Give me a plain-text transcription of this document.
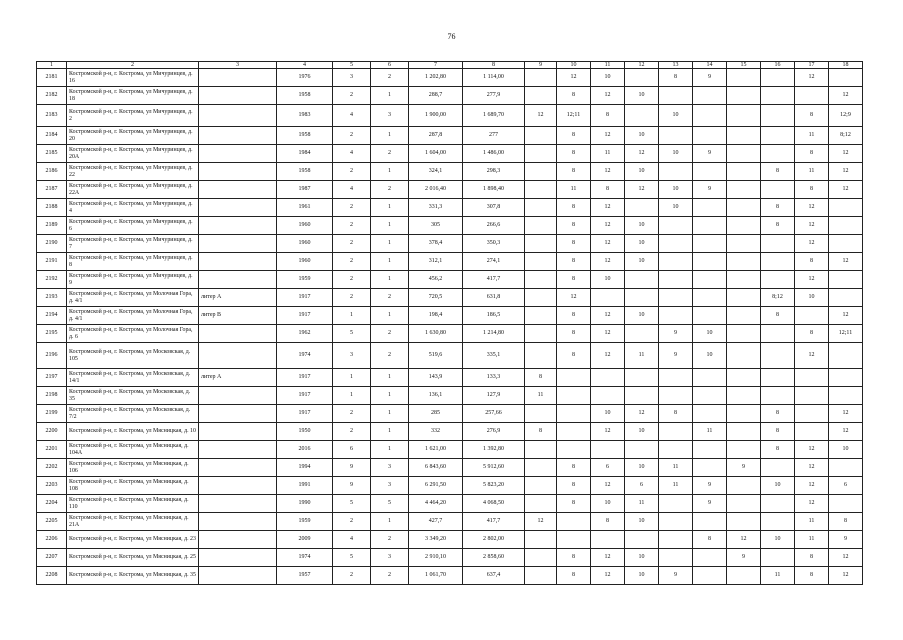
76
1	2	3	4	5	6	7	8	9	10	11	12	13	14	15	16	17	18
2181	Костромской р-н, г. Кострома, ул Мичуринцев, д. 16		1976	3	2	1 202,80	1 114,00		12	10		8	9			12	
2182	Костромской р-н, г. Кострома, ул Мичуринцев, д. 18		1958	2	1	288,7	277,9		8	12	10						12
2183	Костромской р-н, г. Кострома, ул Мичуринцев, д. 2		1983	4	3	1 900,00	1 689,70	12	12;11	8		10				8	12;9
2184	Костромской р-н, г. Кострома, ул Мичуринцев, д. 20		1958	2	1	287,8	277		8	12	10					11	8;12
2185	Костромской р-н, г. Кострома, ул Мичуринцев, д. 20А		1984	4	2	1 604,00	1 486,00		8	11	12	10	9			8	12
2186	Костромской р-н, г. Кострома, ул Мичуринцев, д. 22		1958	2	1	324,1	298,3		8	12	10				8	11	12
2187	Костромской р-н, г. Кострома, ул Мичуринцев, д. 22А		1987	4	2	2 016,40	1 898,40		11	8	12	10	9			8	12
2188	Костромской р-н, г. Кострома, ул Мичуринцев, д. 4		1961	2	1	331,3	307,8		8	12		10			8	12	
2189	Костромской р-н, г. Кострома, ул Мичуринцев, д. 6		1960	2	1	305	266,6		8	12	10				8	12	
2190	Костромской р-н, г. Кострома, ул Мичуринцев, д. 7		1960	2	1	378,4	350,3		8	12	10					12	
2191	Костромской р-н, г. Кострома, ул Мичуринцев, д. 8		1960	2	1	312,1	274,1		8	12	10					8	12
2192	Костромской р-н, г. Кострома, ул Мичуринцев, д. 9		1959	2	1	456,2	417,7		8	10						12	
2193	Костромской р-н, г. Кострома, ул Молочная Гора, д. 4/1	литер А	1917	2	2	720,5	631,8		12						8;12	10	
2194	Костромской р-н, г. Кострома, ул Молочная Гора, д. 4/1	литер В	1917	1	1	198,4	186,5		8	12	10				8		12
2195	Костромской р-н, г. Кострома, ул Молочная Гора, д. 6		1962	5	2	1 630,80	1 214,80		8	12		9	10			8	12;11
2196	Костромской р-н, г. Кострома, ул Московская, д. 105		1974	3	2	519,6	335,1		8	12	11	9	10			12	
2197	Костромской р-н, г. Кострома, ул Московская, д. 14/1	литер А	1917	1	1	143,9	133,3	8									
2198	Костромской р-н, г. Кострома, ул Московская, д. 35		1917	1	1	136,1	127,9	11									
2199	Костромской р-н, г. Кострома, ул Московская, д. 7/2		1917	2	1	285	257,66			10	12	8			8		12
2200	Костромской р-н, г. Кострома, ул Мясницкая, д. 10		1950	2	1	332	276,9	8		12	10		11		8		12
2201	Костромской р-н, г. Кострома, ул Мясницкая, д. 104А		2016	6	1	1 621,00	1 392,80								8	12	10
2202	Костромской р-н, г. Кострома, ул Мясницкая, д. 106		1994	9	3	6 843,60	5 912,60		8	6	10	11		9		12	
2203	Костромской р-н, г. Кострома, ул Мясницкая, д. 108		1991	9	3	6 291,50	5 823,20		8	12	6	11	9		10	12	6
2204	Костромской р-н, г. Кострома, ул Мясницкая, д. 110		1990	5	5	4 464,20	4 068,50		8	10	11		9			12	
2205	Костромской р-н, г. Кострома, ул Мясницкая, д. 21А		1959	2	1	427,7	417,7	12		8	10					11	8
2206	Костромской р-н, г. Кострома, ул Мясницкая, д. 23		2009	4	2	3 349,20	2 802,00						8	12	10	11	9
2207	Костромской р-н, г. Кострома, ул Мясницкая, д. 25		1974	5	3	2 910,10	2 858,60		8	12	10			9		8	12
2208	Костромской р-н, г. Кострома, ул Мясницкая, д. 35		1957	2	2	1 061,70	637,4		8	12	10	9			11	8	12
